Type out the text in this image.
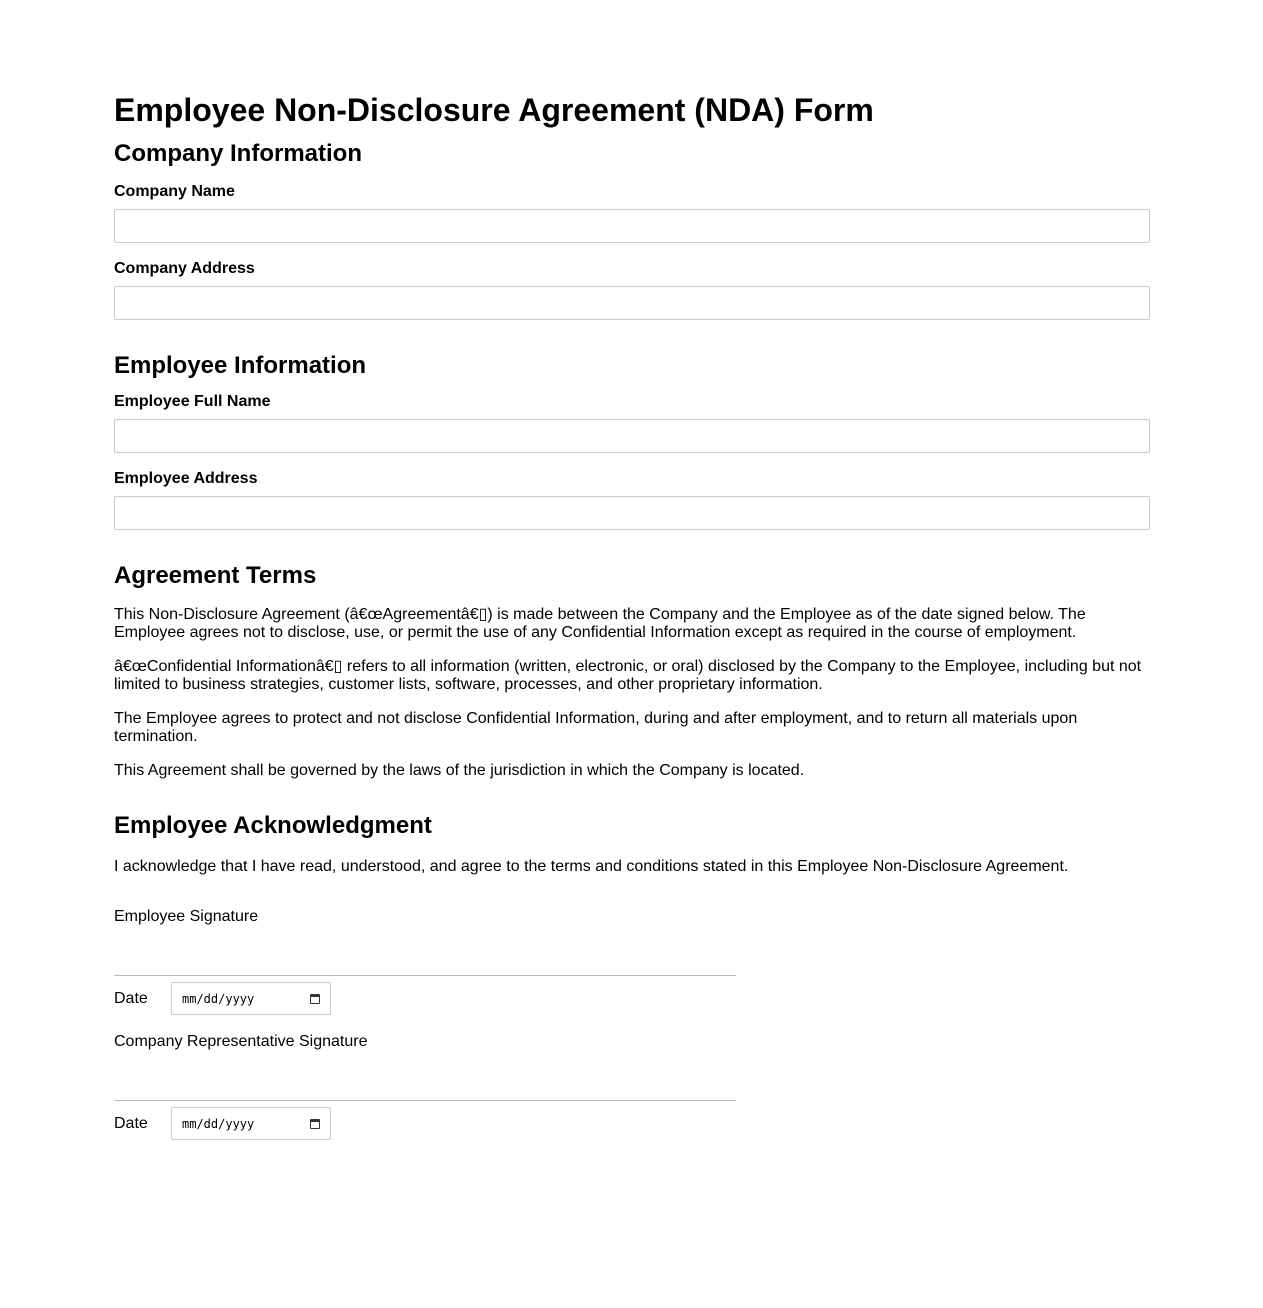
Employee Non-Disclosure Agreement (NDA) Form
Company Information
Company Name
Company Address
Employee Information
Employee Full Name
Employee Address
Agreement Terms

This Non-Disclosure Agreement (â€œAgreementâ€▯) is made between the Company and the Employee as of the date signed below. The Employee agrees not to disclose, use, or permit the use of any Confidential Information except as required in the course of employment.

â€œConfidential Informationâ€▯ refers to all information (written, electronic, or oral) disclosed by the Company to the Employee, including but not limited to business strategies, customer lists, software, processes, and other proprietary information.

The Employee agrees to protect and not disclose Confidential Information, during and after employment, and to return all materials upon termination.

This Agreement shall be governed by the laws of the jurisdiction in which the Company is located.

Employee Acknowledgment

I acknowledge that I have read, understood, and agree to the terms and conditions stated in this Employee Non-Disclosure Agreement.

Employee Signature

Date	mm/dd/yyyy

Company Representative Signature

Date	mm/dd/yyyy
